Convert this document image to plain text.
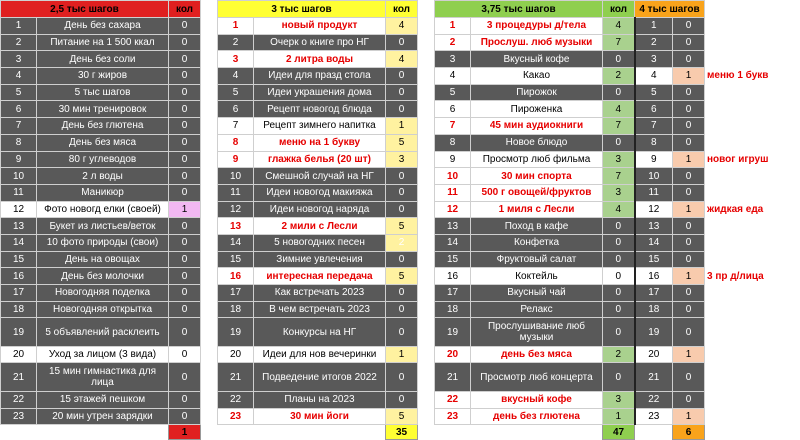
2,5 тыс шагов		кол		3 тыс шагов		кол		3,75 тыс шагов		кол	4 тыс шагов		
1	День без сахара	0		1	новый продукт	4		1	3 процедуры д/тела	4	1	0	
2	Питание на 1 500 ккал	0		2	Очерк о книге про НГ	0		2	Прослуш. люб музыки	7	2	0	
3	День без соли	0		3	2 литра воды	4		3	Вкусный кофе	0	3	0	
4	30 г жиров	0		4	Идеи для празд стола	0		4	Какао	2	4	1	меню 1 букв
5	5 тыс шагов	0		5	Идеи украшения дома	0		5	Пирожок	0	5	0	
6	30 мин тренировок	0		6	Рецепт новогод блюда	0		6	Пироженка	4	6	0	
7	День без глютена	0		7	Рецепт зимнего напитка	1		7	45 мин аудиокниги	7	7	0	
8	День без мяса	0		8	меню на 1 букву	5		8	Новое блюдо	0	8	0	
9	80 г углеводов	0		9	глажка белья (20 шт)	3		9	Просмотр люб фильма	3	9	1	новог игруш
10	2 л воды	0		10	Смешной случай на НГ	0		10	30 мин спорта	7	10	0	
11	Маникюр	0		11	Идеи новогод макияжа	0		11	500 г овощей/фруктов	3	11	0	
12	Фото новогд елки (своей)	1		12	Идеи новогод наряда	0		12	1 миля с Лесли	4	12	1	жидкая еда
13	Букет из листьев/веток	0		13	2 мили с Лесли	5		13	Поход в кафе	0	13	0	
14	10 фото природы (свои)	0		14	5 новогодних песен	2		14	Конфетка	0	14	0	
15	День на овощах	0		15	Зимние увлечения	0		15	Фруктовый салат	0	15	0	
16	День без молочки	0		16	интересная передача	5		16	Коктейль	0	16	1	3 пр д/лица
17	Новогодняя поделка	0		17	Как встречать 2023	0		17	Вкусный чай	0	17	0	
18	Новогодняя открытка	0		18	В чем встречать 2023	0		18	Релакс	0	18	0	
19	5 объявлений расклеить	0		19	Конкурсы на НГ	0		19	Прослушивание люб музыки	0	19	0	
20	Уход за лицом (3 вида)	0		20	Идеи для нов вечеринки	1		20	день без мяса	2	20	1	
21	15 мин гимнастика для лица	0		21	Подведение итогов 2022	0		21	Просмотр люб концерта	0	21	0	
22	15 этажей пешком	0		22	Планы на 2023	0		22	вкусный кофе	3	22	0	
23	20 мин утрен зарядки	0		23	30 мин йоги	5		23	день без глютена	1	23	1	
		1				35				47		6	
